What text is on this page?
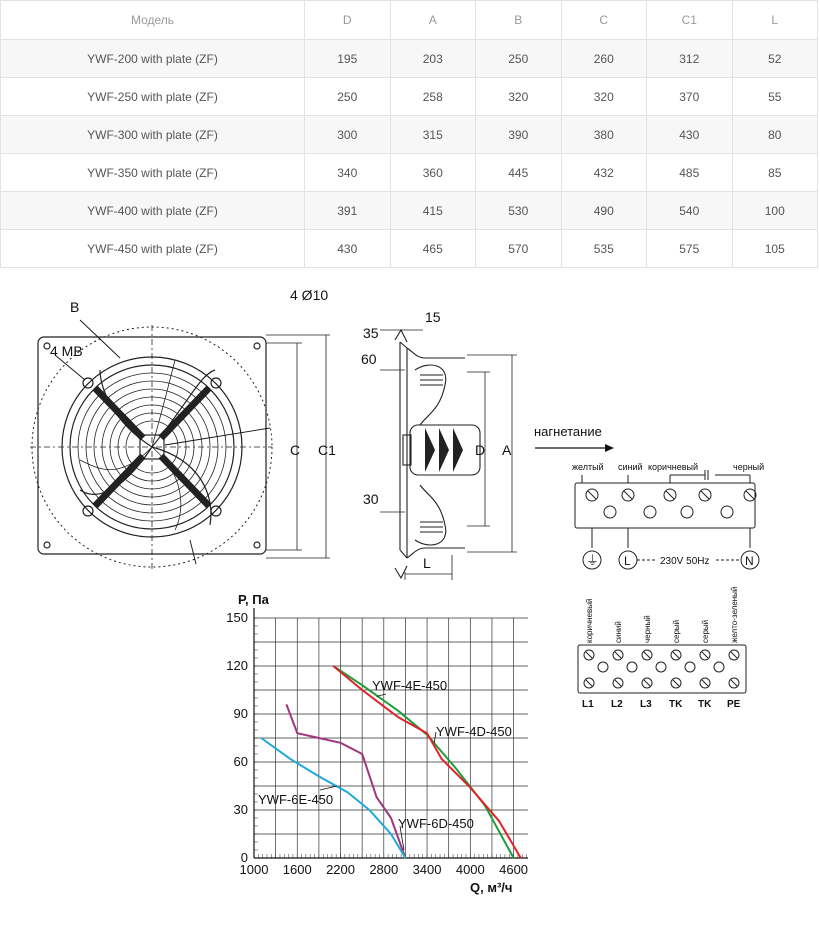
Модель	D	A	B	C	C1	L
YWF-200 with plate (ZF)	195	203	250	260	312	52
YWF-250 with plate (ZF)	250	258	320	320	370	55
YWF-300 with plate (ZF)	300	315	390	380	430	80
YWF-350 with plate (ZF)	340	360	445	432	485	85
YWF-400 with plate (ZF)	391	415	530	490	540	100
YWF-450 with plate (ZF)	430	465	570	535	575	105
B
4 Ø10
4 MB
C C1
35
15
60
30
D A
L
нагнетание
желтый синий коричневый	черный
⏚ L	N
230V 50Hz
коричневый	синий	черный	серый	серый	желто-зеленый
L1 L2 L3 TK TK PE
1000 1600 2200 2800 3400 4000 4600
0
30
60
90
120
150
P, Па
Q, м³/ч
YWF-4E-450
YWF-4D-450
YWF-6D-450
YWF-6E-450
